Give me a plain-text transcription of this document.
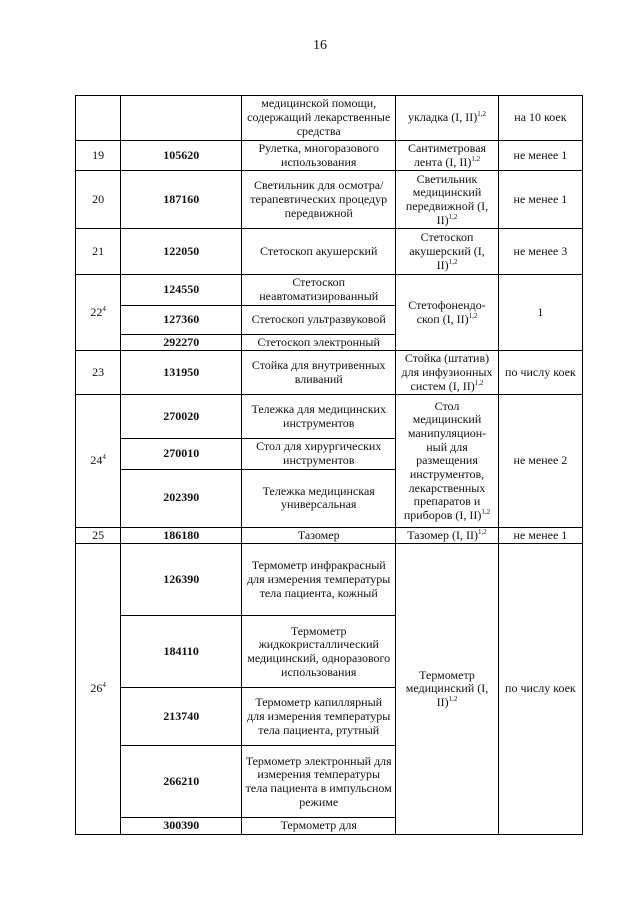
16
		медицинской помощи, содержащий лекарственные средства	укладка (I, II)$^{1,2}$	на 10 коек
19	105620	Рулетка, многоразового использования	Сантиметровая лента (I, II)$^{1,2}$	не менее 1
20	187160	Светильник для осмотра/терапевтических процедур передвижной	Светильник медицинский передвижной (I, II)$^{1,2}$	не менее 1
21	122050	Стетоскоп акушерский	Стетоскоп акушерский (I, II)$^{1,2}$	не менее 3
$22^4$	124550	Стетоскоп неавтоматизированный	Стетофонендо-скоп (I, II)$^{1,2}$	1
	127360	Стетоскоп ультразвуковой		
	292270	Стетоскоп электронный		
23	131950	Стойка для внутривенных вливаний	Стойка (штатив) для инфузионных систем (I, II)$^{1,2}$	по числу коек
$24^4$	270020	Тележка для медицинских инструментов	Стол медицинский манипуляцион-ный для размещения инструментов, лекарственных препаратов и приборов (I, II)$^{1,2}$	не менее 2
	270010	Стол для хирургических инструментов		
	202390	Тележка медицинская универсальная		
25	186180	Тазомер	Тазомер (I, II)$^{1,2}$	не менее 1
$26^4$	126390	Термометр инфракрасный для измерения температуры тела пациента, кожный	Термометр медицинский (I, II)$^{1,2}$	по числу коек
	184110	Термометр жидкокристаллический медицинский, одноразового использования		
	213740	Термометр капиллярный для измерения температуры тела пациента, ртутный		
	266210	Термометр электронный для измерения температуры тела пациента в импульсном режиме		
	300390	Термометр для		
